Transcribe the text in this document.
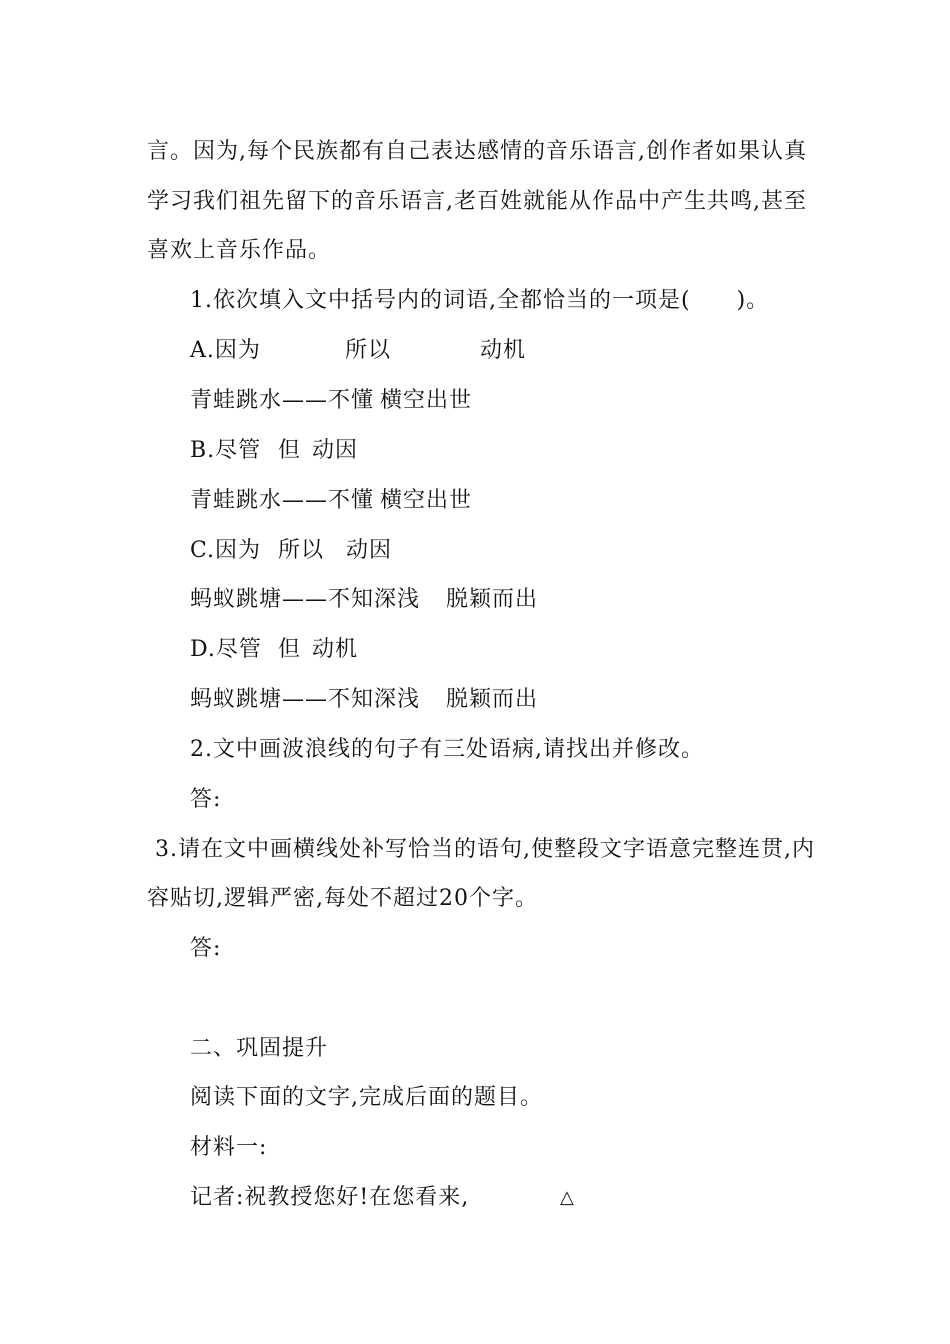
言。因为,每个民族都有自己表达感情的音乐语言,创作者如果认真
学习我们祖先留下的音乐语言,老百姓就能从作品中产生共鸣,甚至
喜欢上音乐作品。
1.依次填入文中括号内的词语,全都恰当的一项是(　　)。

A.因为

	所以

	动机

青蛙跳水——不懂

横空出世

B.尽管

但

动因

青蛙跳水——不懂

横空出世

C.因为

所以

动因

蚂蚁跳塘——不知深浅

脱颖而出

D.尽管

但

动机

蚂蚁跳塘——不知深浅

脱颖而出

2.文中画波浪线的句子有三处语病,请找出并修改。
答:
3.请在文中画横线处补写恰当的语句,使整段文字语意完整连贯,内
容贴切,逻辑严密,每处不超过20个字。
答:
二、巩固提升
阅读下面的文字,完成后面的题目。
材料一:
记者:祝教授您好!在您看来,	△
